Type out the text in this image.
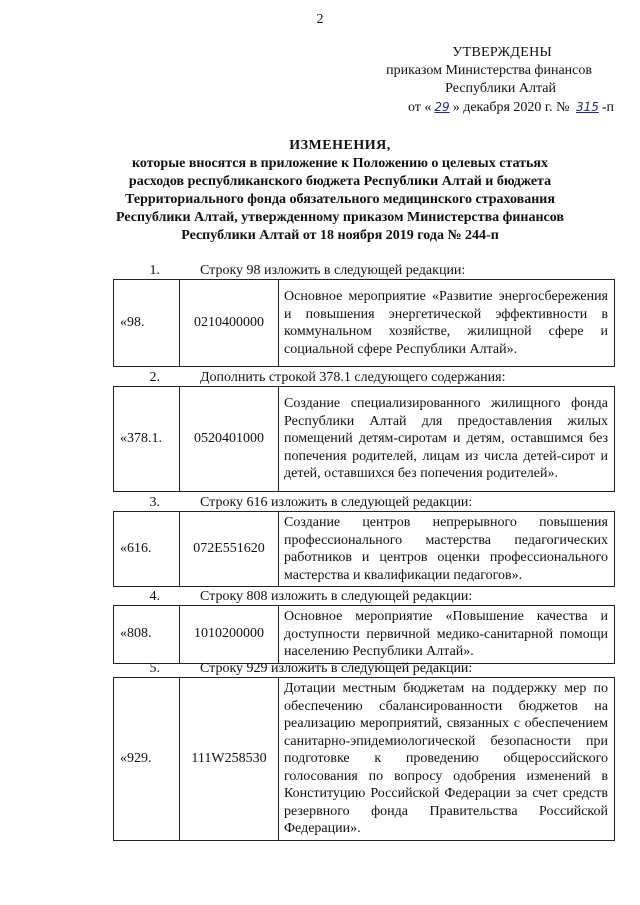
2
УТВЕРЖДЕНЫ
приказом Министерства финансов
Республики Алтай
от « 29 » декабря 2020 г. № 315 -п
ИЗМЕНЕНИЯ,
которые вносятся в приложение к Положению о целевых статьях
расходов республиканского бюджета Республики Алтай и бюджета
Территориального фонда обязательного медицинского страхования
Республики Алтай, утвержденному приказом Министерства финансов
Республики Алтай от 18 ноября 2019 года № 244-п
1.	Строку 98 изложить в следующей редакции:
«98.	0210400000	Основное мероприятие «Развитие энергосбережения и повышения энергетической эффективности в коммунальном хозяйстве, жилищной сфере и социальной сфере Республики Алтай».
2.	Дополнить строкой 378.1 следующего содержания:
«378.1.	0520401000	Создание специализированного жилищного фонда Республики Алтай для предоставления жилых помещений детям-сиротам и детям, оставшимся без попечения родителей, лицам из числа детей-сирот и детей, оставшихся без попечения родителей».
3.	Строку 616 изложить в следующей редакции:
«616.	072E551620	Создание центров непрерывного повышения профессионального мастерства педагогических работников и центров оценки профессионального мастерства и квалификации педагогов».
4.	Строку 808 изложить в следующей редакции:
«808.	1010200000	Основное мероприятие «Повышение качества и доступности первичной медико-санитарной помощи населению Республики Алтай».
5.	Строку 929 изложить в следующей редакции:
«929.	111W258530	Дотации местным бюджетам на поддержку мер по обеспечению сбалансированности бюджетов на реализацию мероприятий, связанных с обеспечением санитарно-эпидемиологической безопасности при подготовке к проведению общероссийского голосования по вопросу одобрения изменений в Конституцию Российской Федерации за счет средств резервного фонда Правительства Российской Федерации».
